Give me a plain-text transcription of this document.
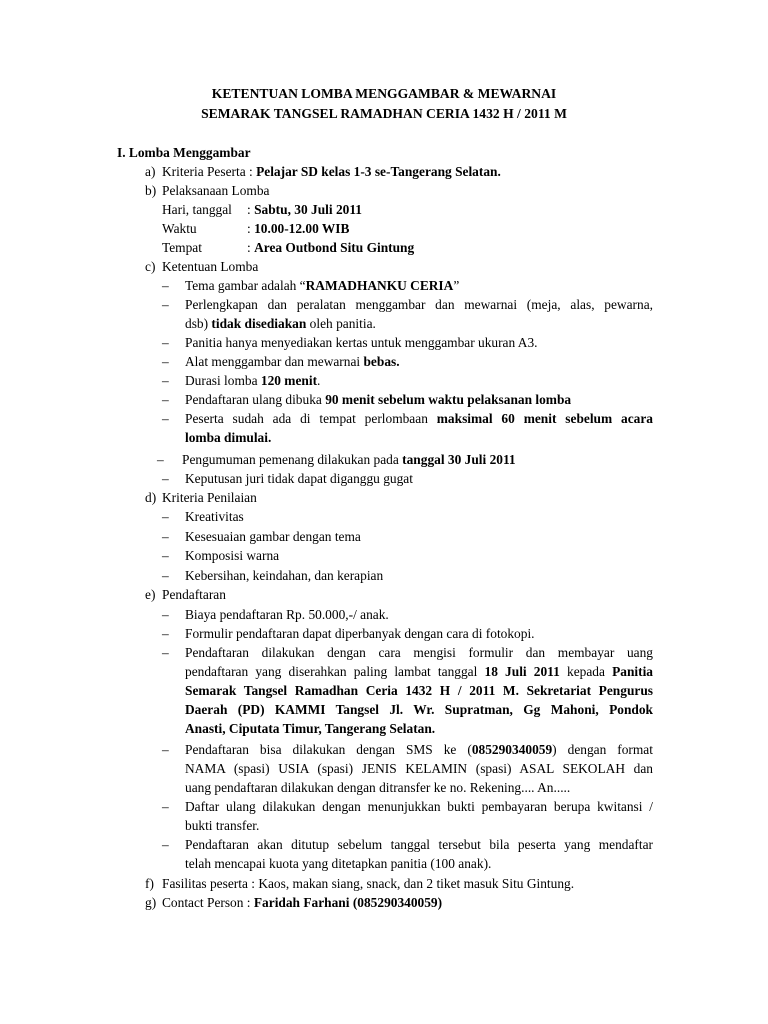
KETENTUAN LOMBA MENGGAMBAR & MEWARNAI
SEMARAK TANGSEL RAMADHAN CERIA 1432 H / 2011 M
I. Lomba Menggambar
a) Kriteria Peserta : Pelajar SD kelas 1-3 se-Tangerang Selatan.
b) Pelaksanaan Lomba
Hari, tanggal : Sabtu, 30 Juli 2011
Waktu	: 10.00-12.00 WIB
Tempat	: Area Outbond Situ Gintung
c) Ketentuan Lomba
– Tema gambar adalah “RAMADHANKU CERIA”
– Perlengkapan dan peralatan menggambar dan mewarnai (meja, alas, pewarna,
dsb) tidak disediakan oleh panitia.
– Panitia hanya menyediakan kertas untuk menggambar ukuran A3.
– Alat menggambar dan mewarnai bebas.
– Durasi lomba 120 menit.
– Pendaftaran ulang dibuka 90 menit sebelum waktu pelaksanan lomba
– Peserta sudah ada di tempat perlombaan maksimal 60 menit sebelum acara
lomba dimulai.
– Pengumuman pemenang dilakukan pada tanggal 30 Juli 2011
– Keputusan juri tidak dapat diganggu gugat
d) Kriteria Penilaian
– Kreativitas
– Kesesuaian gambar dengan tema
– Komposisi warna
– Kebersihan, keindahan, dan kerapian
e) Pendaftaran
– Biaya pendaftaran Rp. 50.000,-/ anak.
– Formulir pendaftaran dapat diperbanyak dengan cara di fotokopi.
– Pendaftaran dilakukan dengan cara mengisi formulir dan membayar uang
pendaftaran yang diserahkan paling lambat tanggal 18 Juli 2011 kepada Panitia
Semarak Tangsel Ramadhan Ceria 1432 H / 2011 M. Sekretariat Pengurus
Daerah (PD) KAMMI Tangsel Jl. Wr. Supratman, Gg Mahoni, Pondok
Anasti, Ciputata Timur, Tangerang Selatan.
– Pendaftaran bisa dilakukan dengan SMS ke (085290340059) dengan format
NAMA (spasi) USIA (spasi) JENIS KELAMIN (spasi) ASAL SEKOLAH dan
uang pendaftaran dilakukan dengan ditransfer ke no. Rekening.... An.....
– Daftar ulang dilakukan dengan menunjukkan bukti pembayaran berupa kwitansi /
bukti transfer.
– Pendaftaran akan ditutup sebelum tanggal tersebut bila peserta yang mendaftar
telah mencapai kuota yang ditetapkan panitia (100 anak).
f) Fasilitas peserta : Kaos, makan siang, snack, dan 2 tiket masuk Situ Gintung.
g) Contact Person : Faridah Farhani (085290340059)
